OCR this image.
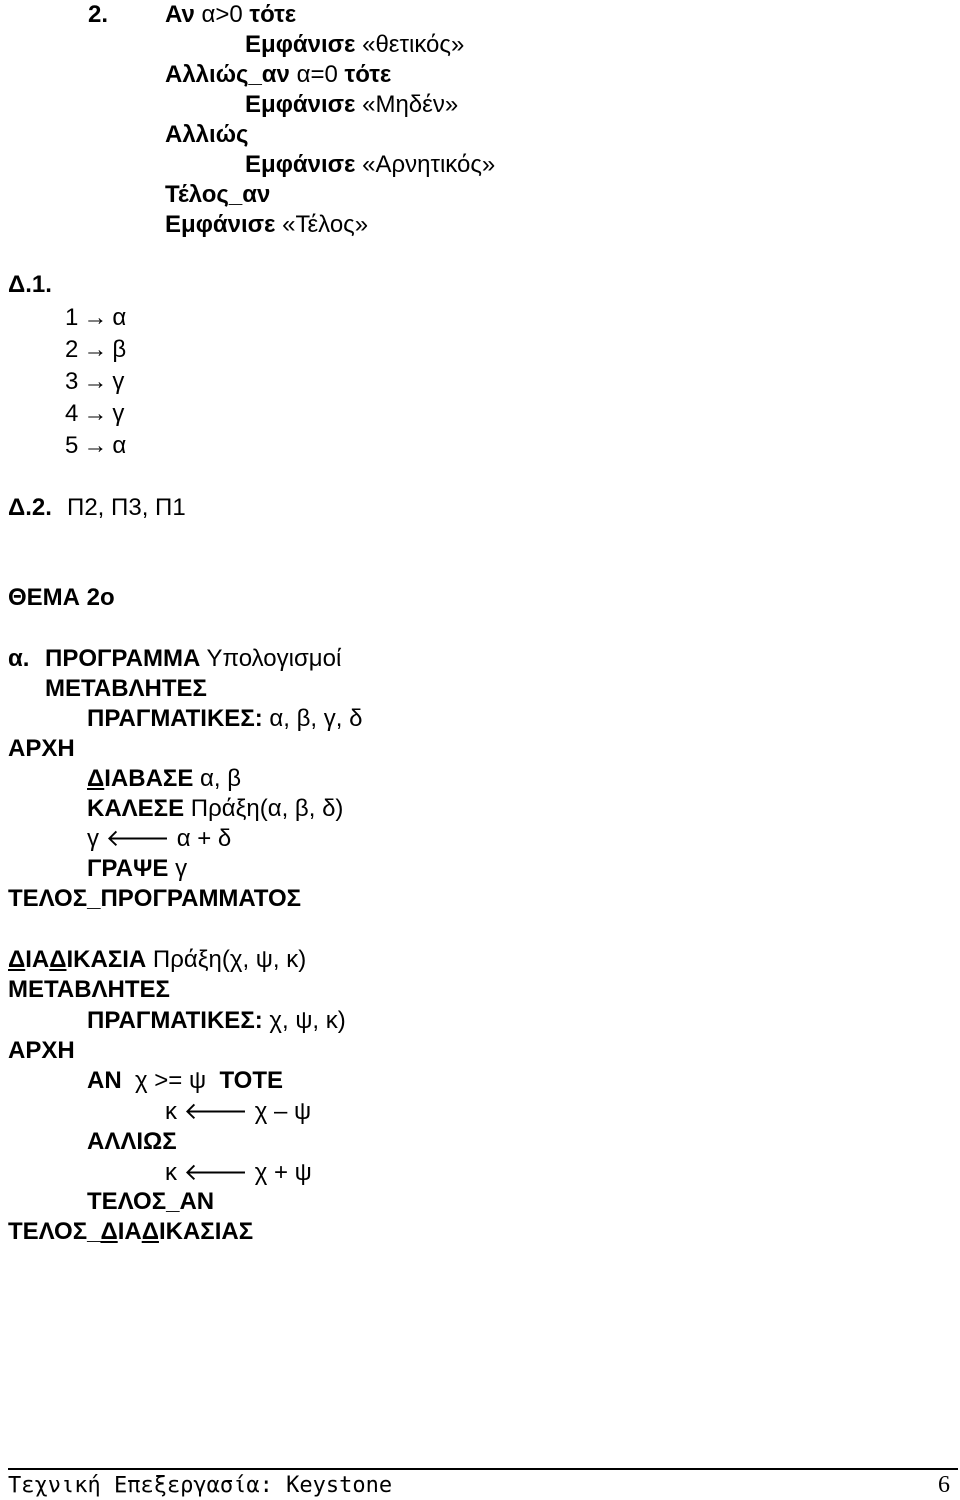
2. Αν α>0 τότε
Εμφάνισε «θετικός»
Αλλιώς_αν α=0 τότε
Εμφάνισε «Μηδέν»
Αλλιώς
Εμφάνισε «Αρνητικός»
Τέλος_αν
Εμφάνισε «Τέλος»
Δ.1.
1 → α
2 → β
3 → γ
4 → γ
5 → α
Δ.2. Π2, Π3, Π1
ΘΕΜΑ 2ο
α. ΠΡΟΓΡΑΜΜΑ Υπολογισμοί
ΜΕΤΑΒΛΗΤΕΣ
ΠΡΑΓΜΑΤΙΚΕΣ: α, β, γ, δ
ΑΡΧΗ
ΔΙΑΒΑΣΕ α, β
ΚΑΛΕΣΕ Πράξη(α, β, δ)
γ 🡐 α + δ
ΓΡΑΨΕ γ
ΤΕΛΟΣ_ΠΡΟΓΡΑΜΜΑΤΟΣ
ΔΙΑΔΙΚΑΣΙΑ Πράξη(χ, ψ, κ)
ΜΕΤΑΒΛΗΤΕΣ
ΠΡΑΓΜΑΤΙΚΕΣ: χ, ψ, κ)
ΑΡΧΗ
ΑΝ χ >= ψ ΤΟΤΕ
κ 🡐 χ – ψ
ΑΛΛΙΩΣ
κ 🡐 χ + ψ
ΤΕΛΟΣ_ΑΝ
ΤΕΛΟΣ_ΔΙΑΔΙΚΑΣΙΑΣ
Τεχνική Επεξεργασία: Keystone	6
